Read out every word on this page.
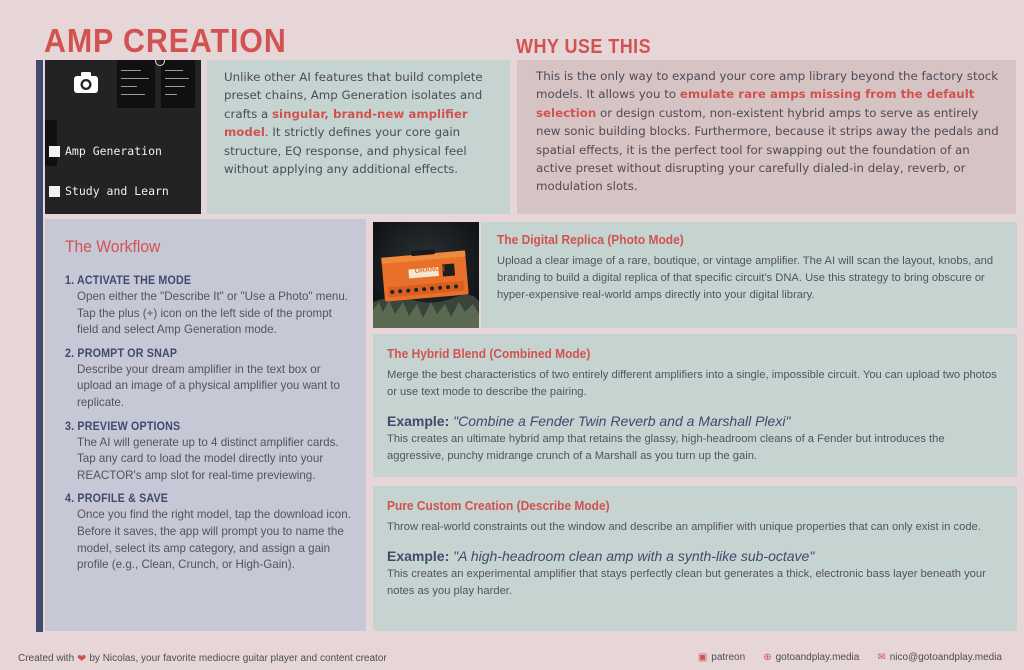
AMP CREATION	WHY USE THIS
Amp Generation
Study and Learn
Unlike other AI features that build complete preset chains, Amp Generation isolates and crafts a singular, brand-new amplifier model. It strictly defines your core gain structure, EQ response, and physical feel without applying any additional effects.
This is the only way to expand your core amp library beyond the factory stock models. It allows you to emulate rare amps missing from the default selection or design custom, non-existent hybrid amps to serve as entirely new sonic building blocks. Furthermore, because it strips away the pedals and spatial effects, it is the perfect tool for swapping out the foundation of an active preset without disrupting your carefully dialed-in delay, reverb, or modulation slots.
The Workflow
1. ACTIVATE THE MODE
Open either the "Describe It" or "Use a Photo" menu. Tap the plus (+) icon on the left side of the prompt field and select Amp Generation mode.
2. PROMPT OR SNAP
Describe your dream amplifier in the text box or upload an image of a physical amplifier you want to replicate.
3. PREVIEW OPTIONS
The AI will generate up to 4 distinct amplifier cards. Tap any card to load the model directly into your REACTOR's amp slot for real-time previewing.
4. PROFILE & SAVE
Once you find the right model, tap the download icon. Before it saves, the app will prompt you to name the model, select its amp category, and assign a gain profile (e.g., Clean, Crunch, or High-Gain).
ORANGE
The Digital Replica (Photo Mode)
Upload a clear image of a rare, boutique, or vintage amplifier. The AI will scan the layout, knobs, and branding to build a digital replica of that specific circuit's DNA. Use this strategy to bring obscure or hyper-expensive real-world amps directly into your digital library.
The Hybrid Blend (Combined Mode)
Merge the best characteristics of two entirely different amplifiers into a single, impossible circuit. You can upload two photos or use text mode to describe the pairing.
Example: "Combine a Fender Twin Reverb and a Marshall Plexi"
This creates an ultimate hybrid amp that retains the glassy, high-headroom cleans of a Fender but introduces the aggressive, punchy midrange crunch of a Marshall as you turn up the gain.
Pure Custom Creation (Describe Mode)
Throw real-world constraints out the window and describe an amplifier with unique properties that can only exist in code.
Example: "A high-headroom clean amp with a synth-like sub-octave"
This creates an experimental amplifier that stays perfectly clean but generates a thick, electronic bass layer beneath your notes as you play harder.
Created with ❤ by Nicolas, your favorite mediocre guitar player and content creator	▣ patreon ⊕ gotoandplay.media ✉ nico@gotoandplay.media
